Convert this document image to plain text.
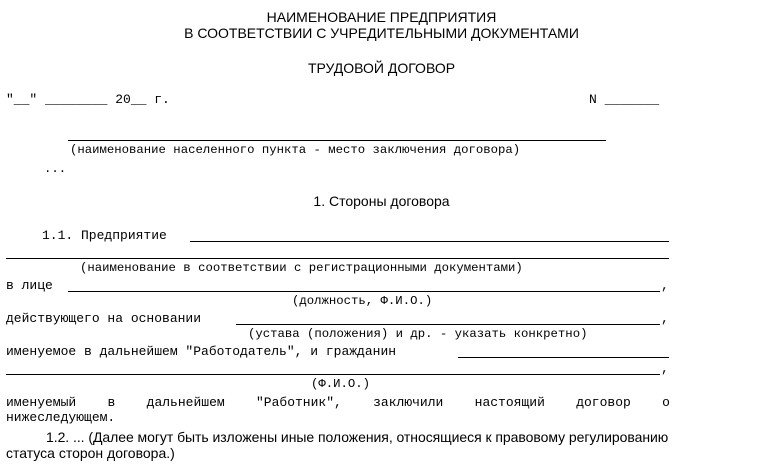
НАИМЕНОВАНИЕ ПРЕДПРИЯТИЯ
В СООТВЕТСТВИИ С УЧРЕДИТЕЛЬНЫМИ ДОКУМЕНТАМИ
ТРУДОВОЙ ДОГОВОР
"__" ________ 20__ г.	N _______
(наименование населенного пункта - место заключения договора)
...
1. Стороны договора
1.1. Предприятие
(наименование в соответствии с регистрационными документами)
в лице	,
(должность, Ф.И.О.)
действующего на основании	,
(устава (положения) и др. - указать конкретно)
именуемое в дальнейшем "Работодатель", и гражданин
,
(Ф.И.О.)
именуемый в дальнейшем "Работник", заключили настоящий договор о
нижеследующем.
1.2. ... (Далее могут быть изложены иные положения, относящиеся к правовому регулированию
статуса сторон договора.)
